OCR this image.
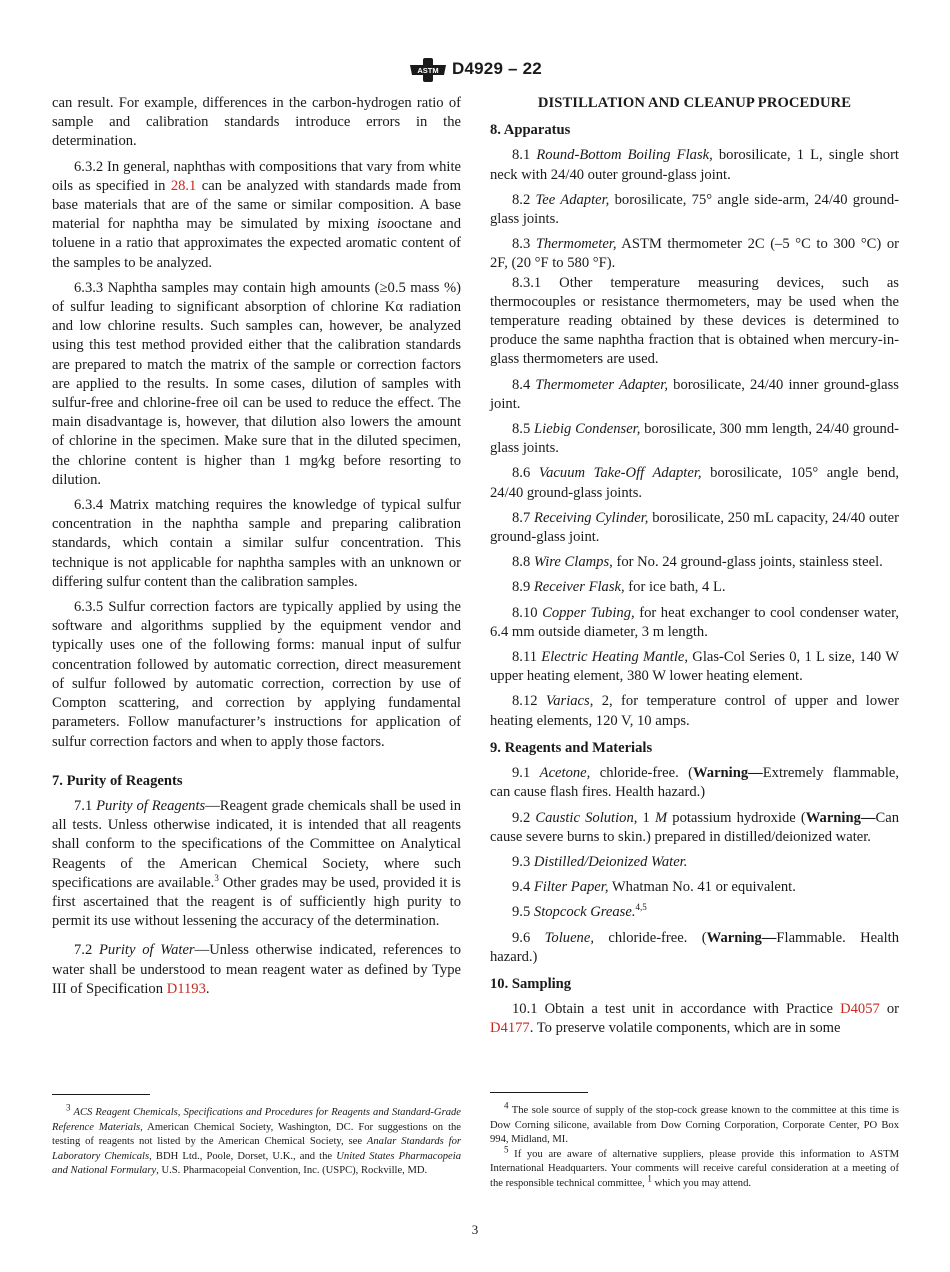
ASTM D4929 – 22

can result. For example, differences in the carbon-hydrogen ratio of sample and calibration standards introduce errors in the determination.

6.3.2 In general, naphthas with compositions that vary from white oils as specified in 28.1 can be analyzed with standards made from base materials that are of the same or similar composition. A base material for naphtha may be simulated by mixing isooctane and toluene in a ratio that approximates the expected aromatic content of the samples to be analyzed.

6.3.3 Naphtha samples may contain high amounts (≥0.5 mass %) of sulfur leading to significant absorption of chlorine Kα radiation and low chlorine results. Such samples can, however, be analyzed using this test method provided either that the calibration standards are prepared to match the matrix of the sample or correction factors are applied to the results. In some cases, dilution of samples with sulfur-free and chlorine-free oil can be used to reduce the effect. The main disadvantage is, however, that dilution also lowers the amount of chlorine in the specimen. Make sure that in the diluted specimen, the chlorine content is higher than 1 mg⁄kg before resorting to dilution.

6.3.4 Matrix matching requires the knowledge of typical sulfur concentration in the naphtha sample and preparing calibration standards, which contain a similar sulfur concentration. This technique is not applicable for naphtha samples with an unknown or differing sulfur content than the calibration samples.

6.3.5 Sulfur correction factors are typically applied by using the software and algorithms supplied by the equipment vendor and typically uses one of the following forms: manual input of sulfur concentration followed by automatic correction, direct measurement of sulfur followed by automatic correction, correction by use of Compton scattering, and correction by applying fundamental parameters. Follow manufacturer’s instructions for application of sulfur correction factors and when to apply those factors.

7. Purity of Reagents

7.1 Purity of Reagents—Reagent grade chemicals shall be used in all tests. Unless otherwise indicated, it is intended that all reagents shall conform to the specifications of the Committee on Analytical Reagents of the American Chemical Society, where such specifications are available.$^3$ Other grades may be used, provided it is first ascertained that the reagent is of sufficiently high purity to permit its use without lessening the accuracy of the determination.

7.2 Purity of Water—Unless otherwise indicated, references to water shall be understood to mean reagent water as defined by Type III of Specification D1193.

DISTILLATION AND CLEANUP PROCEDURE
8. Apparatus

8.1 Round-Bottom Boiling Flask, borosilicate, 1 L, single short neck with 24/40 outer ground-glass joint.

8.2 Tee Adapter, borosilicate, 75° angle side-arm, 24/40 ground-glass joints.

8.3 Thermometer, ASTM thermometer 2C (–5 °C to 300 °C) or 2F, (20 °F to 580 °F).

8.3.1 Other temperature measuring devices, such as thermocouples or resistance thermometers, may be used when the temperature reading obtained by these devices is determined to produce the same naphtha fraction that is obtained when mercury-in-glass thermometers are used.

8.4 Thermometer Adapter, borosilicate, 24/40 inner ground-glass joint.

8.5 Liebig Condenser, borosilicate, 300 mm length, 24/40 ground-glass joints.

8.6 Vacuum Take-Off Adapter, borosilicate, 105° angle bend, 24/40 ground-glass joints.

8.7 Receiving Cylinder, borosilicate, 250 mL capacity, 24/40 outer ground-glass joint.

8.8 Wire Clamps, for No. 24 ground-glass joints, stainless steel.

8.9 Receiver Flask, for ice bath, 4 L.

8.10 Copper Tubing, for heat exchanger to cool condenser water, 6.4 mm outside diameter, 3 m length.

8.11 Electric Heating Mantle, Glas-Col Series 0, 1 L size, 140 W upper heating element, 380 W lower heating element.

8.12 Variacs, 2, for temperature control of upper and lower heating elements, 120 V, 10 amps.

9. Reagents and Materials

9.1 Acetone, chloride-free. (Warning—Extremely flammable, can cause flash fires. Health hazard.)

9.2 Caustic Solution, 1 M potassium hydroxide (Warning—Can cause severe burns to skin.) prepared in distilled/deionized water.

9.3 Distilled/Deionized Water.

9.4 Filter Paper, Whatman No. 41 or equivalent.

9.5 Stopcock Grease.$^{4,5}$

9.6 Toluene, chloride-free. (Warning—Flammable. Health hazard.)

10. Sampling

10.1 Obtain a test unit in accordance with Practice D4057 or D4177. To preserve volatile components, which are in some

$^3$ ACS Reagent Chemicals, Specifications and Procedures for Reagents and Standard-Grade Reference Materials, American Chemical Society, Washington, DC. For suggestions on the testing of reagents not listed by the American Chemical Society, see Analar Standards for Laboratory Chemicals, BDH Ltd., Poole, Dorset, U.K., and the United States Pharmacopeia and National Formulary, U.S. Pharmacopeial Convention, Inc. (USPC), Rockville, MD.

$^4$ The sole source of supply of the stop-cock grease known to the committee at this time is Dow Corning silicone, available from Dow Corning Corporation, Corporate Center, PO Box 994, Midland, MI.

$^5$ If you are aware of alternative suppliers, please provide this information to ASTM International Headquarters. Your comments will receive careful consideration at a meeting of the responsible technical committee, $^1$ which you may attend.

3
